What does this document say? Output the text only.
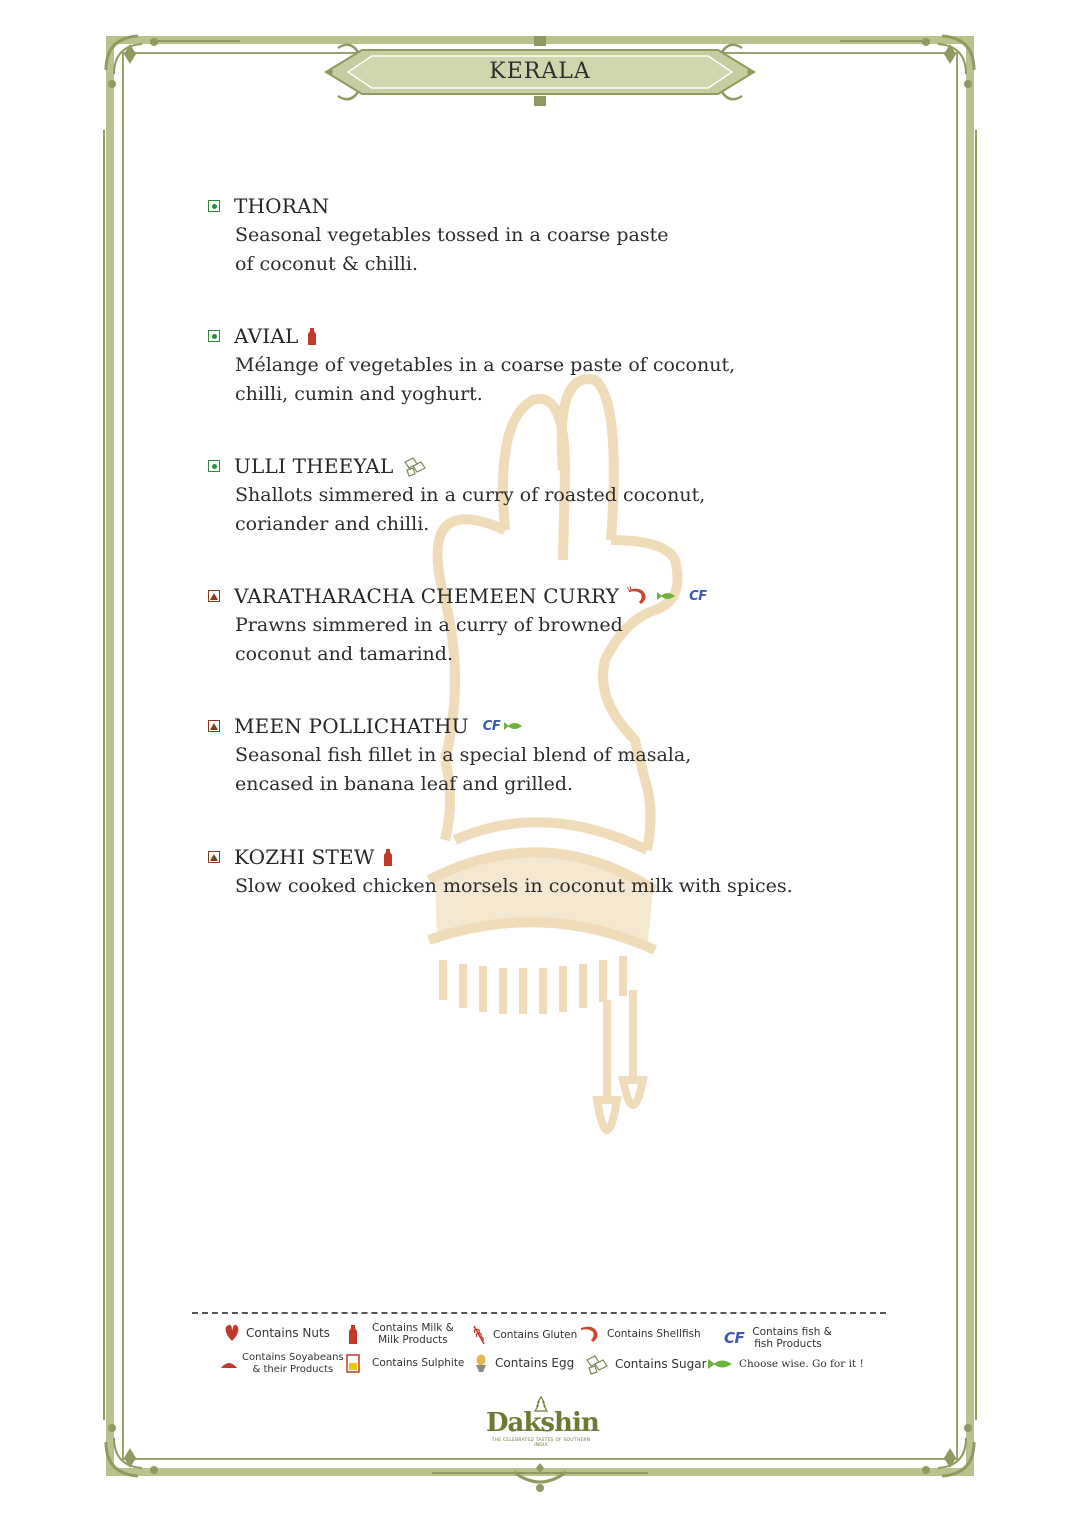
KERALA
THORAN
Seasonal vegetables tossed in a coarse paste
of coconut & chilli.
AVIAL
Mélange of vegetables in a coarse paste of coconut,
chilli, cumin and yoghurt.
ULLI THEEYAL
Shallots simmered in a curry of roasted coconut,
coriander and chilli.
VARATHARACHA CHEMEEN CURRY	CF
Prawns simmered in a curry of browned
coconut and tamarind.
MEEN POLLICHATHU CF
Seasonal fish fillet in a special blend of masala,
encased in banana leaf and grilled.
KOZHI STEW
Slow cooked chicken morsels in coconut milk with spices.
Contains Nuts	Contains Milk &
Milk Products	Contains Gluten	Contains Shellfish CF Contains fish &
fish Products
Contains Soyabeans
& their Products
Contains Sulphite	Contains Egg	Contains Sugar	Choose wise. Go for it !
Dakshin
THE CELEBRATED TASTES OF SOUTHERN INDIA
